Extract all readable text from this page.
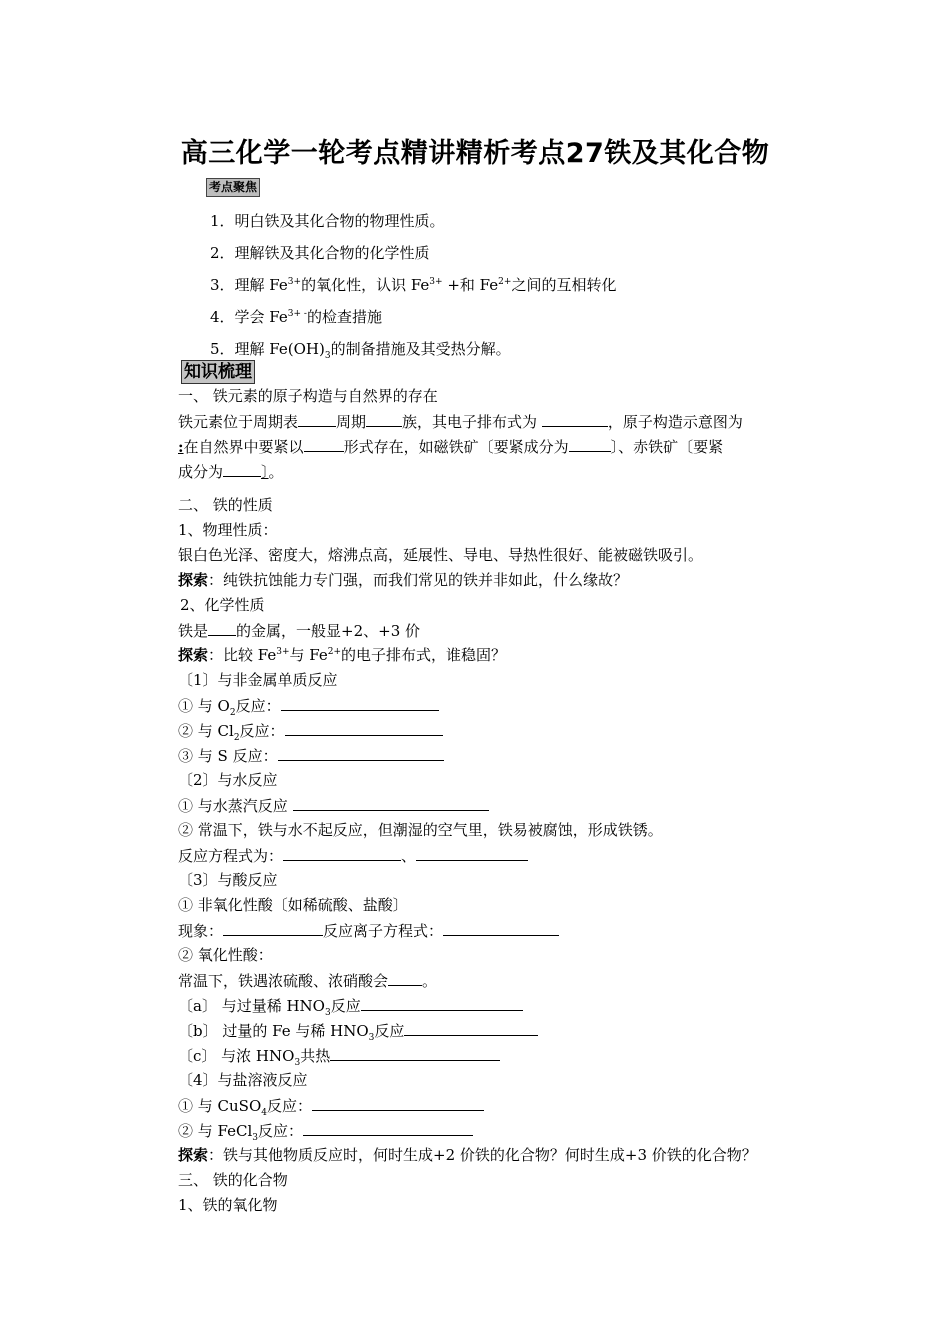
高三化学一轮考点精讲精析考点27铁及其化合物
考点聚焦
1．明白铁及其化合物的物理性质。
2．理解铁及其化合物的化学性质
3．理解 $Fe^{3+}$的氧化性，认识 $Fe^{3+}$ +和 $Fe^{2+}$之间的互相转化
4．学会 $Fe^{3+ -}$的检查措施
5．理解 $Fe(OH)_3$的制备措施及其受热分解。
知识梳理
一、 铁元素的原子构造与自然界的存在
铁元素位于周期表	周期 族，其电子排布式为	，原子构造示意图为
:在自然界中要紧以	形式存在，如磁铁矿〔要紧成分为	〕、赤铁矿〔要紧
成分为	〕。
二、 铁的性质
1、物理性质：
银白色光泽、密度大，熔沸点高，延展性、导电、导热性很好、能被磁铁吸引。
探索：纯铁抗蚀能力专门强，而我们常见的铁并非如此，什么缘故？
2、化学性质
铁是 的金属，一般显+2、+3 价
探索：比较 $Fe^{3+}$与 $Fe^{2+}$的电子排布式，谁稳固？
〔1〕与非金属单质反应
① 与 $O_2$反应：
② 与 $Cl_2$反应：
③ 与 S 反应：
〔2〕与水反应
① 与水蒸汽反应
② 常温下，铁与水不起反应，但潮湿的空气里，铁易被腐蚀，形成铁锈。
反应方程式为：	、
〔3〕与酸反应
① 非氧化性酸〔如稀硫酸、盐酸〕
现象：	反应离子方程式：
② 氧化性酸：
常温下，铁遇浓硫酸、浓硝酸会 。
〔a〕 与过量稀 $HNO_3$反应
〔b〕 过量的 Fe 与稀 $HNO_3$反应
〔c〕 与浓 $HNO_3$共热
〔4〕与盐溶液反应
① 与 CuSO$_4$反应：
② 与 FeCl$_3$反应：
探索：铁与其他物质反应时，何时生成+2 价铁的化合物？何时生成+3 价铁的化合物？
三、 铁的化合物
1、铁的氧化物
